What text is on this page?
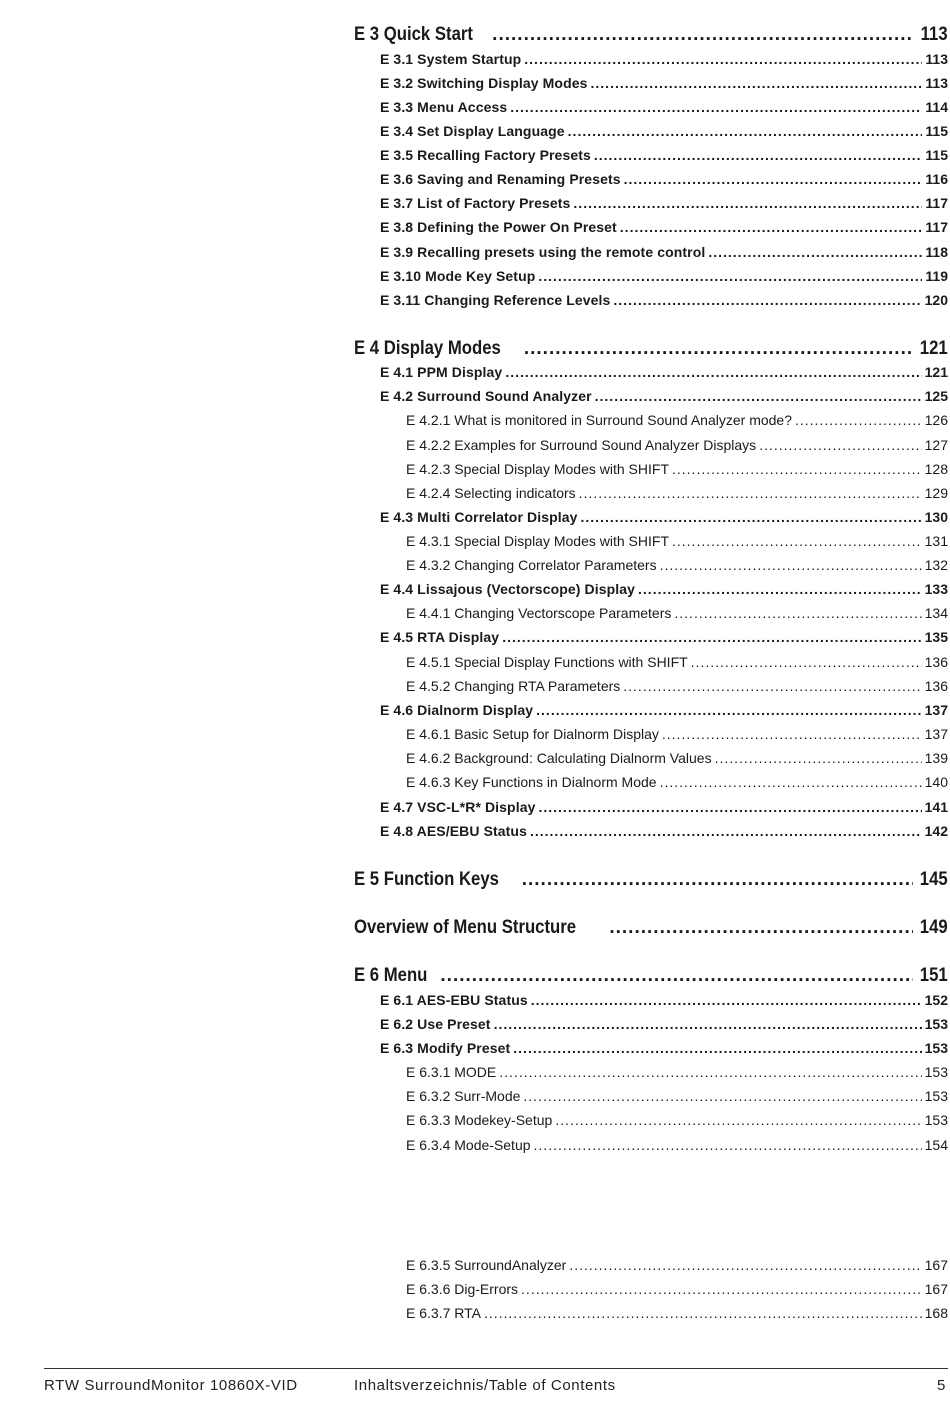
E 3 Quick Start .....	113
E 3.1 System Startup .....	113
E 3.2 Switching Display Modes .....	113
E 3.3 Menu Access .....	114
E 3.4 Set Display Language .....	115
E 3.5 Recalling Factory Presets .....	115
E 3.6 Saving and Renaming Presets .....	116
E 3.7 List of Factory Presets .....	117
E 3.8 Defining the Power On Preset .....	117
E 3.9 Recalling presets using the remote control .....	118
E 3.10 Mode Key Setup .....	119
E 3.11 Changing Reference Levels .....	120
E 4 Display Modes .....	121
E 4.1 PPM Display .....	121
E 4.2 Surround Sound Analyzer .....	125
E 4.2.1 What is monitored in Surround Sound Analyzer mode? .....	126
E 4.2.2 Examples for Surround Sound Analyzer Displays .....	127
E 4.2.3 Special Display Modes with SHIFT .....	128
E 4.2.4 Selecting indicators .....	129
E 4.3 Multi Correlator Display .....	130
E 4.3.1 Special Display Modes with SHIFT .....	131
E 4.3.2 Changing Correlator Parameters .....	132
E 4.4 Lissajous (Vectorscope) Display .....	133
E 4.4.1 Changing Vectorscope Parameters .....	134
E 4.5 RTA Display .....	135
E 4.5.1 Special Display Functions with SHIFT .....	136
E 4.5.2 Changing RTA Parameters .....	136
E 4.6 Dialnorm Display .....	137
E 4.6.1 Basic Setup for Dialnorm Display .....	137
E 4.6.2 Background: Calculating Dialnorm Values .....	139
E 4.6.3 Key Functions in Dialnorm Mode .....	140
E 4.7 VSC-L*R* Display .....	141
E 4.8 AES/EBU Status .....	142
E 5 Function Keys .....	145
Overview of Menu Structure .....	149
E 6 Menu .....	151
E 6.1 AES-EBU Status .....	152
E 6.2 Use Preset .....	153
E 6.3 Modify Preset .....	153
E 6.3.1 MODE .....	153
E 6.3.2 Surr-Mode .....	153
E 6.3.3 Modekey-Setup .....	153
E 6.3.4 Mode-Setup .....	154
E 6.3.5 SurroundAnalyzer .....	167
E 6.3.6 Dig-Errors .....	167
E 6.3.7 RTA .....	168
RTW SurroundMonitor 10860X-VID	Inhaltsverzeichnis/Table of Contents	5
